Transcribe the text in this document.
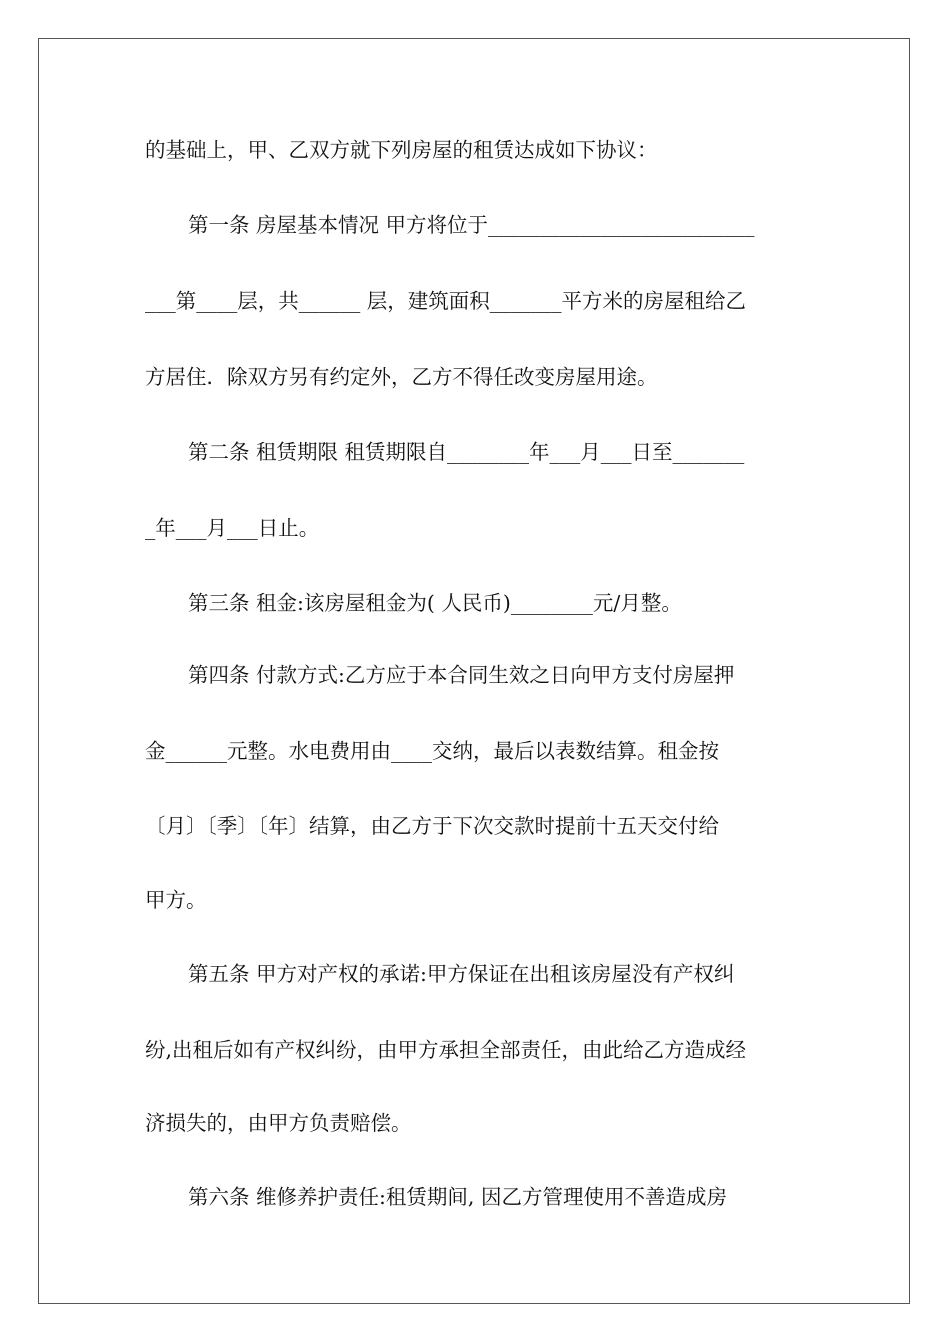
的基础上，甲、乙双方就下列房屋的租赁达成如下协议：
第一条 房屋基本情况 甲方将位于__________________________
___第____层，共______ 层，建筑面积_______平方米的房屋租给乙
方居住．除双方另有约定外，乙方不得任改变房屋用途。
第二条 租赁期限 租赁期限自________年___月___日至_______
_年___月___日止。
第三条 租金:该房屋租金为( 人民币)________元/月整。
第四条 付款方式:乙方应于本合同生效之日向甲方支付房屋押
金______元整。水电费用由____交纳，最后以表数结算。租金按
〔月〕〔季〕〔年〕结算，由乙方于下次交款时提前十五天交付给
甲方。
第五条 甲方对产权的承诺:甲方保证在出租该房屋没有产权纠
纷,出租后如有产权纠纷，由甲方承担全部责任，由此给乙方造成经
济损失的，由甲方负责赔偿。
第六条 维修养护责任:租赁期间, 因乙方管理使用不善造成房
